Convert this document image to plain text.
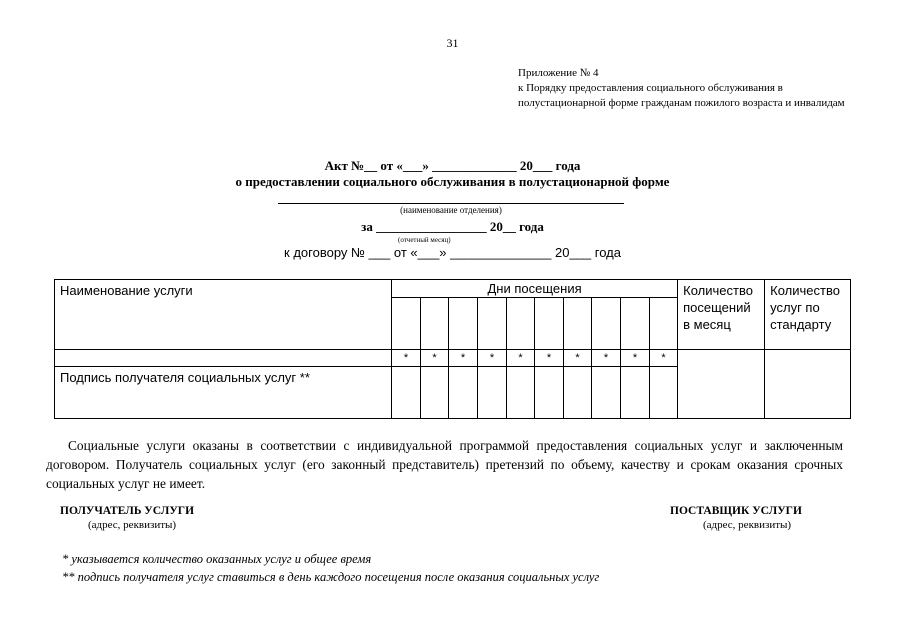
31
Приложение № 4
к Порядку предоставления социального обслуживания в полустационарной форме гражданам пожилого возраста и инвалидам
Акт №__ от «___» _____________ 20___ года
о предоставлении социального обслуживания в полустационарной форме
(наименование отделения)
за _________________ 20__ года
(отчетный месяц)
к договору № ___ от «___» ______________ 20___ года
Наименование услуги	Дни посещения										Количество посещений в месяц	Количество услуг по стандарту

	*	*	*	*	*	*	*	*	*	*		
Подпись получателя социальных услуг **												

Социальные услуги оказаны в соответствии с индивидуальной программой предоставления социальных услуг и заключенным договором. Получатель социальных услуг (его законный представитель) претензий по объему, качеству и срокам оказания срочных социальных услуг не имеет.

ПОЛУЧАТЕЛЬ УСЛУГИ
(адрес, реквизиты)
ПОСТАВЩИК УСЛУГИ
(адрес, реквизиты)
* указывается количество оказанных услуг и общее время
** подпись получателя услуг ставиться в день каждого посещения после оказания социальных услуг
